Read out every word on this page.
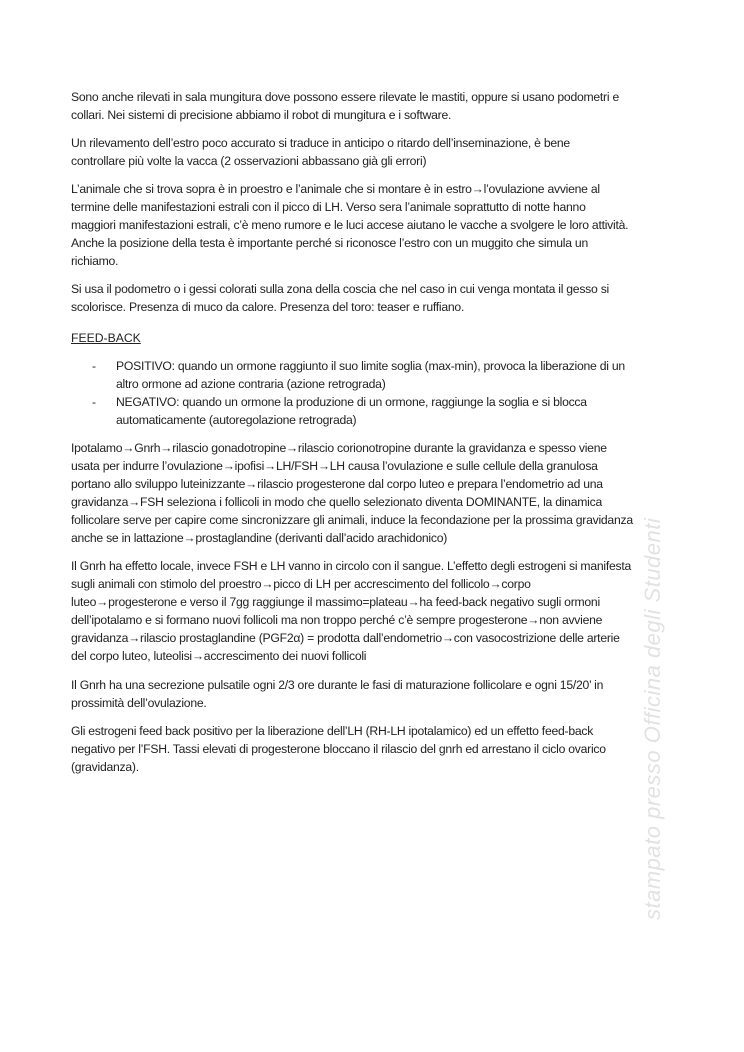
stampato presso Officina degli Studenti
Sono anche rilevati in sala mungitura dove possono essere rilevate le mastiti, oppure si usano podometri e
collari. Nei sistemi di precisione abbiamo il robot di mungitura e i software.
Un rilevamento dell’estro poco accurato si traduce in anticipo o ritardo dell’inseminazione, è bene
controllare più volte la vacca (2 osservazioni abbassano già gli errori)
L’animale che si trova sopra è in proestro e l’animale che si montare è in estro→l’ovulazione avviene al
termine delle manifestazioni estrali con il picco di LH. Verso sera l’animale soprattutto di notte hanno
maggiori manifestazioni estrali, c’è meno rumore e le luci accese aiutano le vacche a svolgere le loro attività.
Anche la posizione della testa è importante perché si riconosce l’estro con un muggito che simula un
richiamo.
Si usa il podometro o i gessi colorati sulla zona della coscia che nel caso in cui venga montata il gesso si
scolorisce. Presenza di muco da calore. Presenza del toro: teaser e ruffiano.
FEED-BACK
- POSITIVO: quando un ormone raggiunto il suo limite soglia (max-min), provoca la liberazione di un
altro ormone ad azione contraria (azione retrograda)
- NEGATIVO: quando un ormone la produzione di un ormone, raggiunge la soglia e si blocca
automaticamente (autoregolazione retrograda)
Ipotalamo→Gnrh→rilascio gonadotropine→rilascio corionotropine durante la gravidanza e spesso viene
usata per indurre l’ovulazione→ipofisi→LH/FSH→LH causa l’ovulazione e sulle cellule della granulosa
portano allo sviluppo luteinizzante→rilascio progesterone dal corpo luteo e prepara l’endometrio ad una
gravidanza→FSH seleziona i follicoli in modo che quello selezionato diventa DOMINANTE, la dinamica
follicolare serve per capire come sincronizzare gli animali, induce la fecondazione per la prossima gravidanza
anche se in lattazione→prostaglandine (derivanti dall’acido arachidonico)
Il Gnrh ha effetto locale, invece FSH e LH vanno in circolo con il sangue. L’effetto degli estrogeni si manifesta
sugli animali con stimolo del proestro→picco di LH per accrescimento del follicolo→corpo
luteo→progesterone e verso il 7gg raggiunge il massimo=plateau→ha feed-back negativo sugli ormoni
dell’ipotalamo e si formano nuovi follicoli ma non troppo perché c’è sempre progesterone→non avviene
gravidanza→rilascio prostaglandine (PGF2α) = prodotta dall’endometrio→con vasocostrizione delle arterie
del corpo luteo, luteolisi→accrescimento dei nuovi follicoli
Il Gnrh ha una secrezione pulsatile ogni 2/3 ore durante le fasi di maturazione follicolare e ogni 15/20’ in
prossimità dell’ovulazione.
Gli estrogeni feed back positivo per la liberazione dell’LH (RH-LH ipotalamico) ed un effetto feed-back
negativo per l’FSH. Tassi elevati di progesterone bloccano il rilascio del gnrh ed arrestano il ciclo ovarico
(gravidanza).
